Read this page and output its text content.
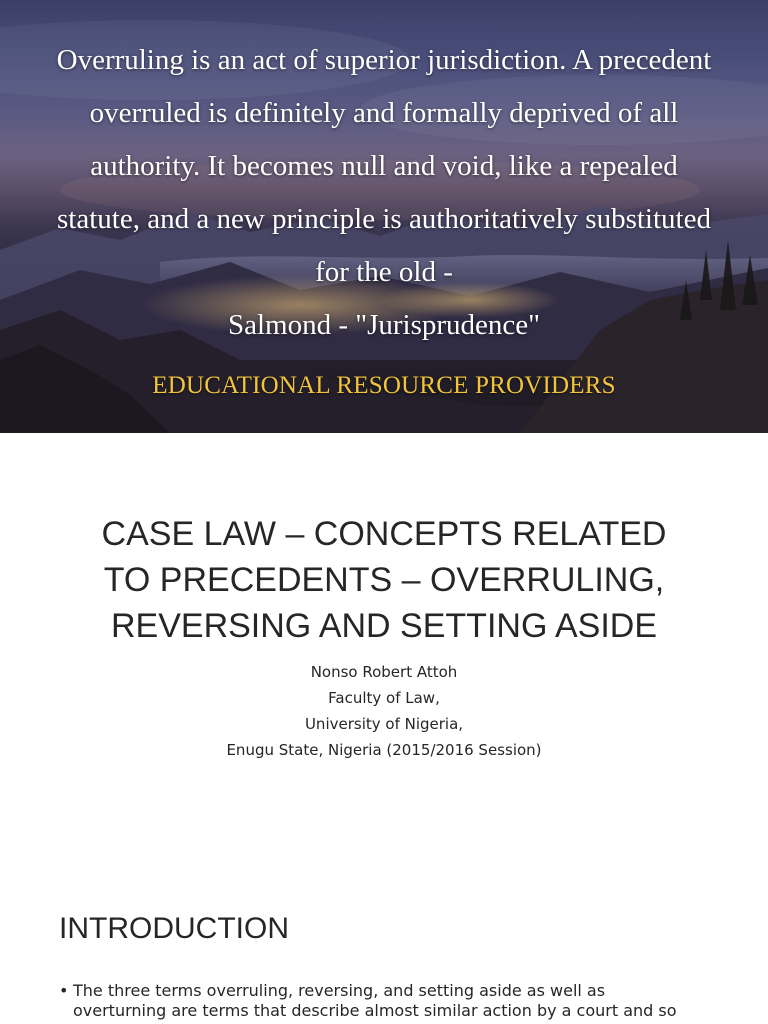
Overruling is an act of superior jurisdiction. A precedent
overruled is definitely and formally deprived of all
authority. It becomes null and void, like a repealed
statute, and a new principle is authoritatively substituted
for the old -
Salmond - "Jurisprudence"
EDUCATIONAL RESOURCE PROVIDERS
CASE LAW – CONCEPTS RELATED
TO PRECEDENTS – OVERRULING,
REVERSING AND SETTING ASIDE
Nonso Robert Attoh
Faculty of Law,
University of Nigeria,
Enugu State, Nigeria (2015/2016 Session)
INTRODUCTION
• The three terms overruling, reversing, and setting aside as well as
overturning are terms that describe almost similar action by a court and so
